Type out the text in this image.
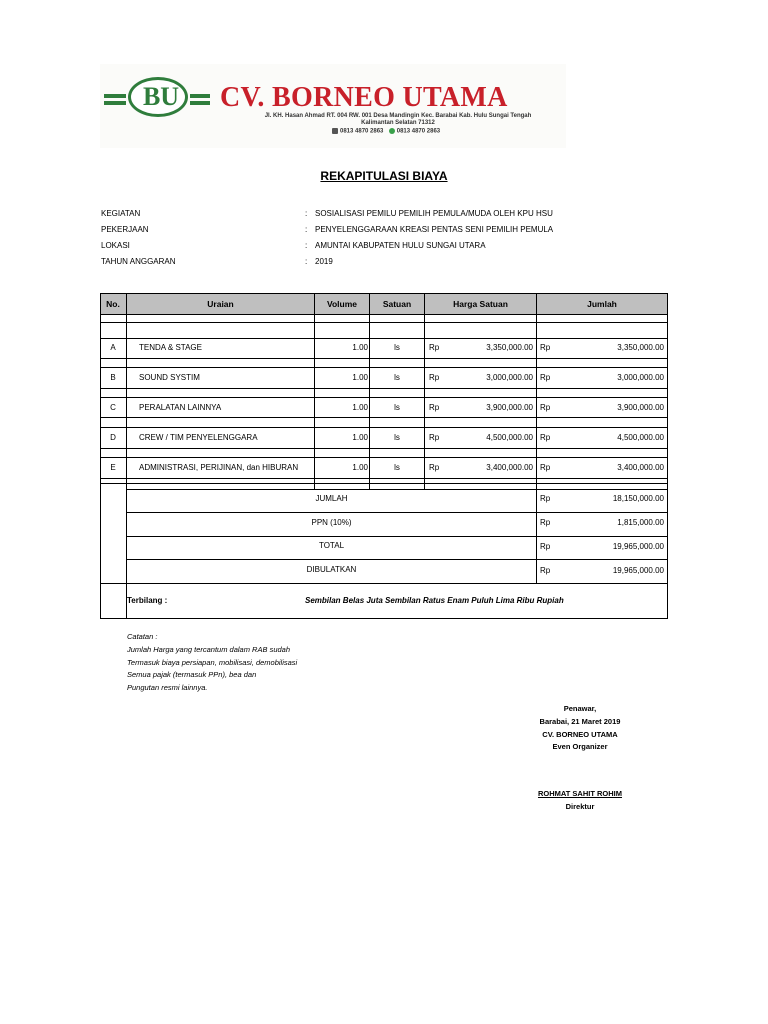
BU	CV. BORNEO UTAMA
Jl. KH. Hasan Ahmad RT. 004 RW. 001 Desa Mandingin Kec. Barabai Kab. Hulu Sungai Tengah
Kalimantan Selatan 71312
0813 4870 2863 0813 4870 2863
REKAPITULASI BIAYA
KEGIATAN	: SOSIALISASI PEMILU PEMILIH PEMULA/MUDA OLEH KPU HSU
PEKERJAAN	: PENYELENGGARAAN KREASI PENTAS SENI PEMILIH PEMULA
LOKASI	: AMUNTAI KABUPATEN HULU SUNGAI UTARA
TAHUN ANGGARAN	: 2019
No.	Uraian	Volume	Satuan	Harga Satuan	Jumlah
A	TENDA & STAGE	1.00	ls	Rp	3,350,000.00 Rp	3,350,000.00
B	SOUND SYSTIM	1.00	ls	Rp	3,000,000.00 Rp	3,000,000.00
C	PERALATAN LAINNYA	1.00	ls	Rp	3,900,000.00 Rp	3,900,000.00
D	CREW / TIM PENYELENGGARA	1.00	ls	Rp	4,500,000.00 Rp	4,500,000.00
E	ADMINISTRASI, PERIJINAN, dan HIBURAN	1.00	ls	Rp	3,400,000.00 Rp	3,400,000.00
JUMLAH	Rp	18,150,000.00
PPN (10%)	Rp	1,815,000.00
TOTAL	Rp	19,965,000.00
DIBULATKAN	Rp	19,965,000.00
Terbilang :	Sembilan Belas Juta Sembilan Ratus Enam Puluh Lima Ribu Rupiah
Catatan :
Jumlah Harga yang tercantum dalam RAB sudah
Termasuk biaya persiapan, mobilisasi, demobilisasi
Semua pajak (termasuk PPn), bea dan
Pungutan resmi lainnya.
Penawar,
Barabai, 21 Maret 2019
CV. BORNEO UTAMA
Even Organizer
ROHMAT SAHIT ROHIM
Direktur
